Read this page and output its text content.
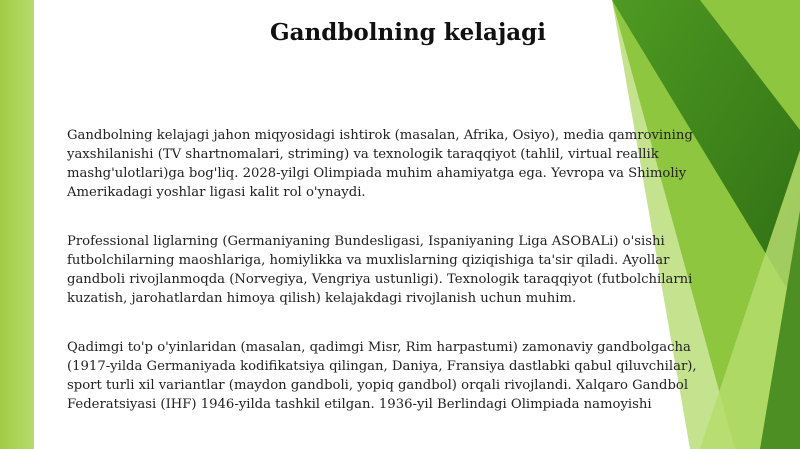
Gandbolning kelajagi

Gandbolning kelajagi jahon miqyosidagi ishtirok (masalan, Afrika, Osiyo), media qamrovining
yaxshilanishi (TV shartnomalari, striming) va texnologik taraqqiyot (tahlil, virtual reallik
mashg'ulotlari)ga bog'liq. 2028-yilgi Olimpiada muhim ahamiyatga ega. Yevropa va Shimoliy
Amerikadagi yoshlar ligasi kalit rol o'ynaydi.

Professional liglarning (Germaniyaning Bundesligasi, Ispaniyaning Liga ASOBALi) o'sishi
futbolchilarning maoshlariga, homiylikka va muxlislarning qiziqishiga ta'sir qiladi. Ayollar
gandboli rivojlanmoqda (Norvegiya, Vengriya ustunligi). Texnologik taraqqiyot (futbolchilarni
kuzatish, jarohatlardan himoya qilish) kelajakdagi rivojlanish uchun muhim.

Qadimgi to'p o'yinlaridan (masalan, qadimgi Misr, Rim harpastumi) zamonaviy gandbolgacha
(1917-yilda Germaniyada kodifikatsiya qilingan, Daniya, Fransiya dastlabki qabul qiluvchilar),
sport turli xil variantlar (maydon gandboli, yopiq gandbol) orqali rivojlandi. Xalqaro Gandbol
Federatsiyasi (IHF) 1946-yilda tashkil etilgan. 1936-yil Berlindagi Olimpiada namoyishi
